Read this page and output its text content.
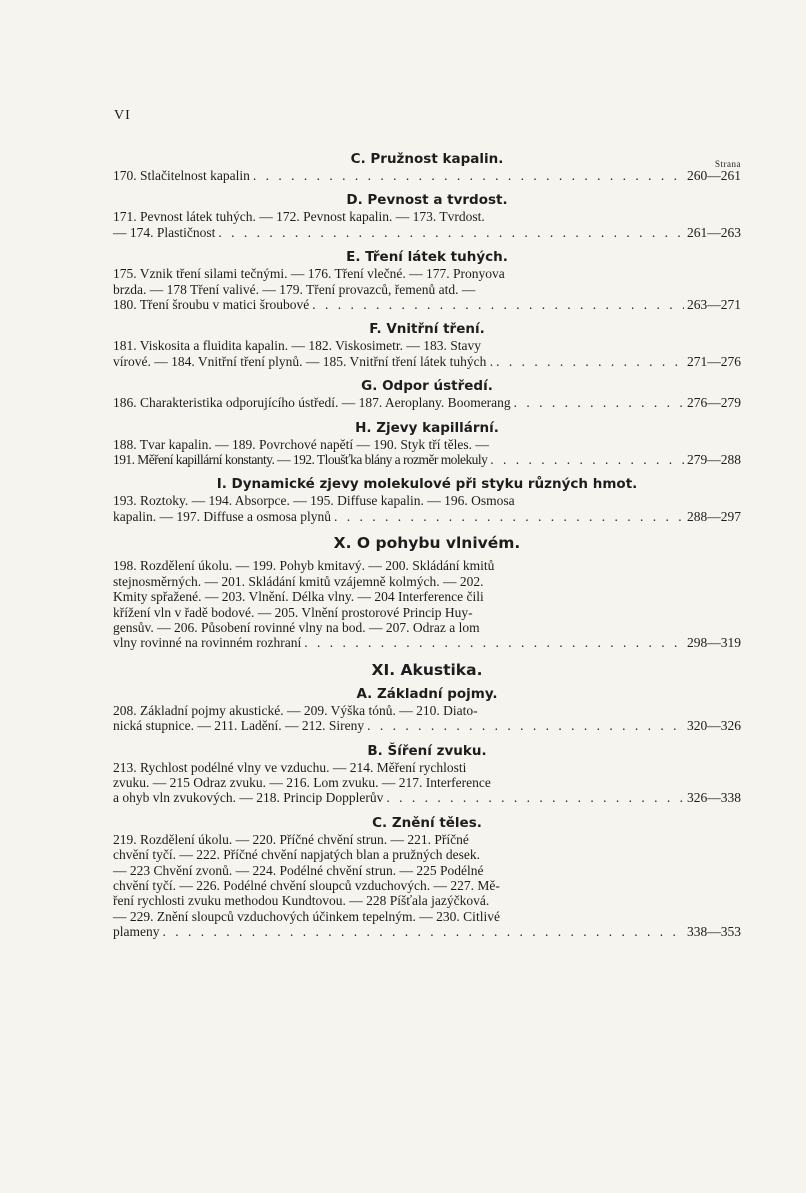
VI
C. Pružnost kapalin.	Strana
170. Stlačitelnost kapalin . . .	260—261
D. Pevnost a tvrdost.
171. Pevnost látek tuhých. — 172. Pevnost kapalin. — 173. Tvrdost.
— 174. Plastičnost . . .	261—263
E. Tření látek tuhých.
175. Vznik tření silami tečnými. — 176. Tření vlečné. — 177. Pronyova
brzda. — 178 Tření valivé. — 179. Tření provazců, řemenů atd. —
180. Tření šroubu v matici šroubové . . .	263—271
F. Vnitřní tření.
181. Viskosita a fluidita kapalin. — 182. Viskosimetr. — 183. Stavy
vírové. — 184. Vnitřní tření plynů. — 185. Vnitřní tření látek tuhých . . . .	271—276
G. Odpor ústředí.
186. Charakteristika odporujícího ústředí. — 187. Aeroplany. Boomerang . . .	276—279
H. Zjevy kapillární.
188. Tvar kapalin. — 189. Povrchové napětí — 190. Styk tří těles. —
191. Měření kapillární konstanty. — 192. Tloušťka blány a rozměr molekuly . . .	279—288
I. Dynamické zjevy molekulové při styku různých hmot.
193. Roztoky. — 194. Absorpce. — 195. Diffuse kapalin. — 196. Osmosa
kapalin. — 197. Diffuse a osmosa plynů . . .	288—297
X. O pohybu vlnivém.
198. Rozdělení úkolu. — 199. Pohyb kmitavý. — 200. Skládání kmitů
stejnosměrných. — 201. Skládání kmitů vzájemně kolmých. — 202.
Kmity spřažené. — 203. Vlnění. Délka vlny. — 204 Interference čili
křížení vln v řadě bodové. — 205. Vlnění prostorové Princip Huy-
gensův. — 206. Působení rovinné vlny na bod. — 207. Odraz a lom
vlny rovinné na rovinném rozhraní . . .	298—319
XI. Akustika.
A. Základní pojmy.
208. Základní pojmy akustické. — 209. Výška tónů. — 210. Diato-
nická stupnice. — 211. Ladění. — 212. Sireny . . .	320—326
B. Šíření zvuku.
213. Rychlost podélné vlny ve vzduchu. — 214. Měření rychlosti
zvuku. — 215 Odraz zvuku. — 216. Lom zvuku. — 217. Interference
a ohyb vln zvukových. — 218. Princip Dopplerův . . .	326—338
C. Znění těles.
219. Rozdělení úkolu. — 220. Příčné chvění strun. — 221. Příčné
chvění tyčí. — 222. Příčné chvění napjatých blan a pružných desek.
— 223 Chvění zvonů. — 224. Podélné chvění strun. — 225 Podélné
chvění tyčí. — 226. Podélné chvění sloupců vzduchových. — 227. Mě-
ření rychlosti zvuku methodou Kundtovou. — 228 Píšťala jazýčková.
— 229. Znění sloupců vzduchových účinkem tepelným. — 230. Citlivé
plameny . . .	338—353
